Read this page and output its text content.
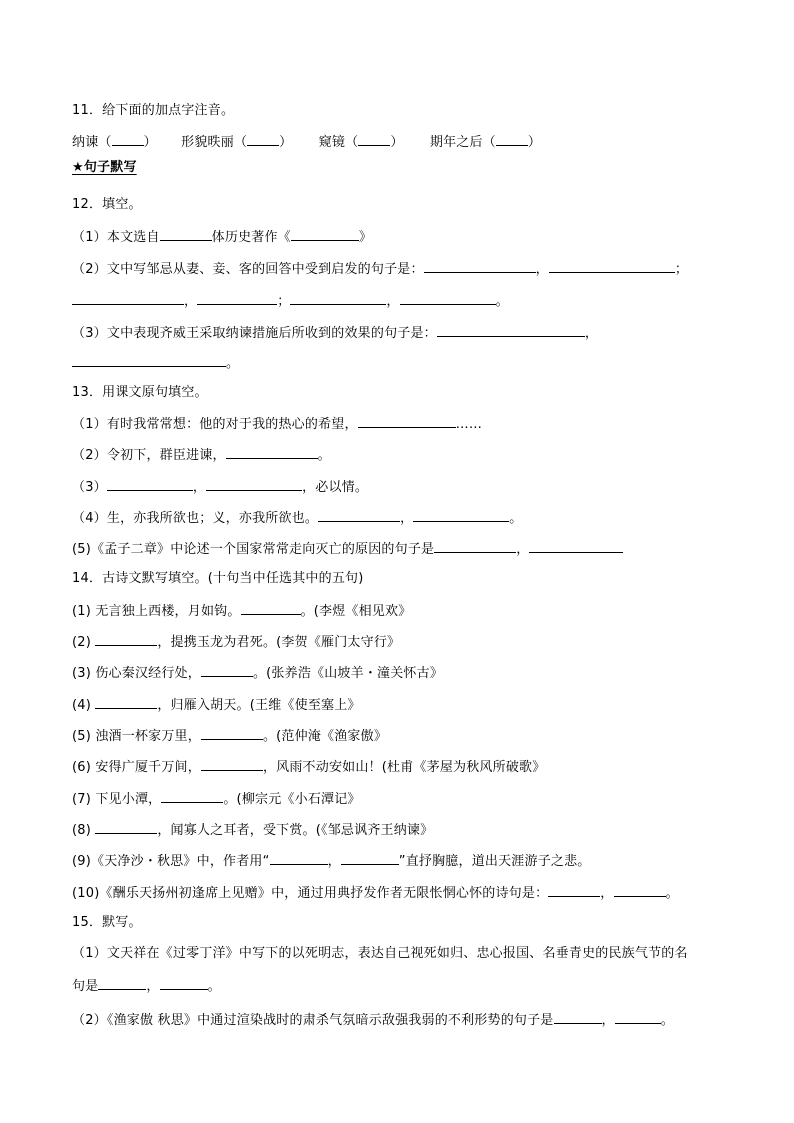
11．给下面的加点字注音。
纳谏（ ） 形貌昳丽（ ） 窥镜（ ） 期年之后（ ）
★句子默写
12．填空。
（1）本文选自	体历史著作《	》
（2）文中写邹忌从妻、妾、客的回答中受到启发的句子是：	，	；
，	；	，	。
（3）文中表现齐威王采取纳谏措施后所收到的效果的句子是：	，
。
13．用课文原句填空。
（1）有时我常常想：他的对于我的热心的希望，	……
（2）令初下，群臣进谏，	。
（3）	，	，必以情。
（4）生，亦我所欲也；义，亦我所欲也。	，	。
(5)《孟子二章》中论述一个国家常常走向灭亡的原因的句子是	，
14．古诗文默写填空。(十句当中任选其中的五句)
(1) 无言独上西楼，月如钩。	。(李煜《相见欢》
(2)	，提携玉龙为君死。(李贺《雁门太守行》
(3) 伤心秦汉经行处，	。(张养浩《山坡羊・潼关怀古》
(4)	，归雁入胡天。(王维《使至塞上》
(5) 浊酒一杯家万里，	。(范仲淹《渔家傲》
(6) 安得广厦千万间，	，风雨不动安如山！(杜甫《茅屋为秋风所破歌》
(7) 下见小潭，	。(柳宗元《小石潭记》
(8)	，闻寡人之耳者，受下赏。(《邹忌讽齐王纳谏》
(9)《天净沙・秋思》中，作者用“	，	”直抒胸臆，道出天涯游子之悲。
(10)《酬乐天扬州初逢席上见赠》中，通过用典抒发作者无限怅惘心怀的诗句是：	，	。
15．默写。
（1）文天祥在《过零丁洋》中写下的以死明志，表达自己视死如归、忠心报国、名垂青史的民族气节的名
句是	，	。
（2）《渔家傲 秋思》中通过渲染战时的肃杀气氛暗示敌强我弱的不利形势的句子是	，	。
